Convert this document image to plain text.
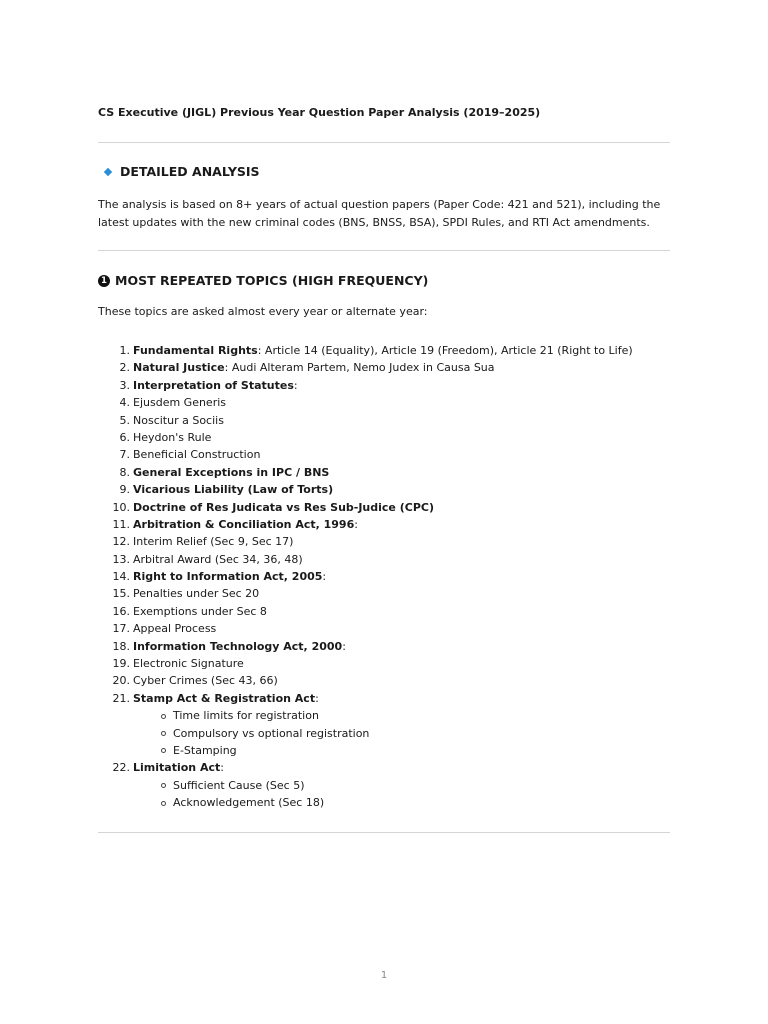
CS Executive (JIGL) Previous Year Question Paper Analysis (2019–2025)
DETAILED ANALYSIS
The analysis is based on 8+ years of actual question papers (Paper Code: 421 and 521), including the latest updates with the new criminal codes (BNS, BNSS, BSA), SPDI Rules, and RTI Act amendments.
1 MOST REPEATED TOPICS (HIGH FREQUENCY)
These topics are asked almost every year or alternate year:
1. Fundamental Rights: Article 14 (Equality), Article 19 (Freedom), Article 21 (Right to Life)
2. Natural Justice: Audi Alteram Partem, Nemo Judex in Causa Sua
3. Interpretation of Statutes:
4. Ejusdem Generis
5. Noscitur a Sociis
6. Heydon's Rule
7. Beneficial Construction
8. General Exceptions in IPC / BNS
9. Vicarious Liability (Law of Torts)
10. Doctrine of Res Judicata vs Res Sub-Judice (CPC)
11. Arbitration & Conciliation Act, 1996:
12. Interim Relief (Sec 9, Sec 17)
13. Arbitral Award (Sec 34, 36, 48)
14. Right to Information Act, 2005:
15. Penalties under Sec 20
16. Exemptions under Sec 8
17. Appeal Process
18. Information Technology Act, 2000:
19. Electronic Signature
20. Cyber Crimes (Sec 43, 66)
21. Stamp Act & Registration Act:
Time limits for registration
Compulsory vs optional registration
E-Stamping
22. Limitation Act:
Sufficient Cause (Sec 5)
Acknowledgement (Sec 18)
1
